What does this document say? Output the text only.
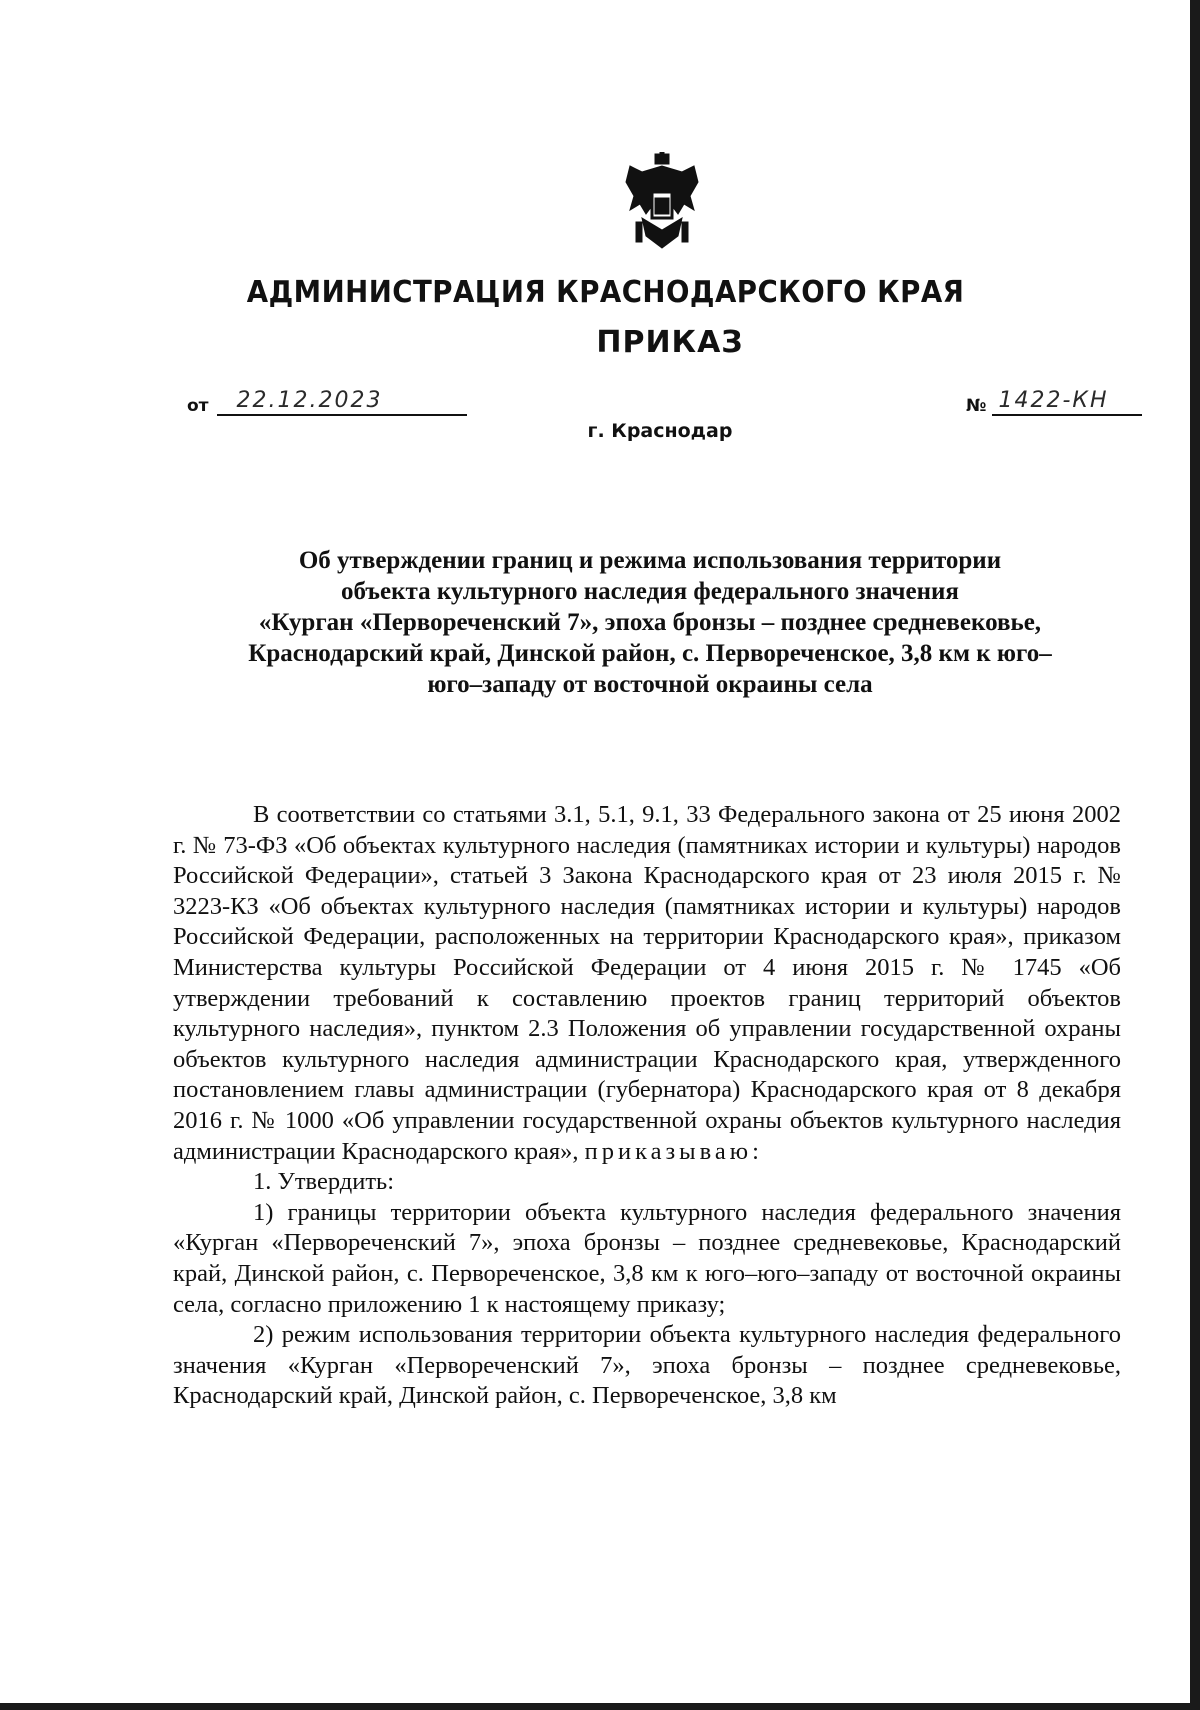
АДМИНИСТРАЦИЯ КРАСНОДАРСКОГО КРАЯ
ПРИКАЗ
от 22.12.2023	№ 1422-КН
г. Краснодар
Об утверждении границ и режима использования территории
объекта культурного наследия федерального значения
«Курган «Первореченский 7», эпоха бронзы – позднее средневековье,
Краснодарский край, Динской район, с. Первореченское, 3,8 км к юго–
юго–западу от восточной окраины села

В соответствии со статьями 3.1, 5.1, 9.1, 33 Федерального закона от 25 июня 2002 г. № 73-ФЗ «Об объектах культурного наследия (памятниках истории и культуры) народов Российской Федерации», статьей 3 Закона Краснодарского края от 23 июля 2015 г. № 3223-КЗ «Об объектах культурного наследия (памятниках истории и культуры) народов Российской Федерации, расположенных на территории Краснодарского края», приказом Министерства культуры Российской Федерации от 4 июня 2015 г. № 1745 «Об утверждении требований к составлению проектов границ территорий объектов культурного наследия», пунктом 2.3 Положения об управлении государственной охраны объектов культурного наследия администрации Краснодарского края, утвержденного постановлением главы администрации (губернатора) Краснодарского края от 8 декабря 2016 г. № 1000 «Об управлении государственной охраны объектов культурного наследия администрации Краснодарского края», приказываю:

1. Утвердить:

1) границы территории объекта культурного наследия федерального значения «Курган «Первореченский 7», эпоха бронзы – позднее средневековье, Краснодарский край, Динской район, с. Первореченское, 3,8 км к юго–юго–западу от восточной окраины села, согласно приложению 1 к настоящему приказу;

2) режим использования территории объекта культурного наследия федерального значения «Курган «Первореченский 7», эпоха бронзы – позднее средневековье, Краснодарский край, Динской район, с. Первореченское, 3,8 км
